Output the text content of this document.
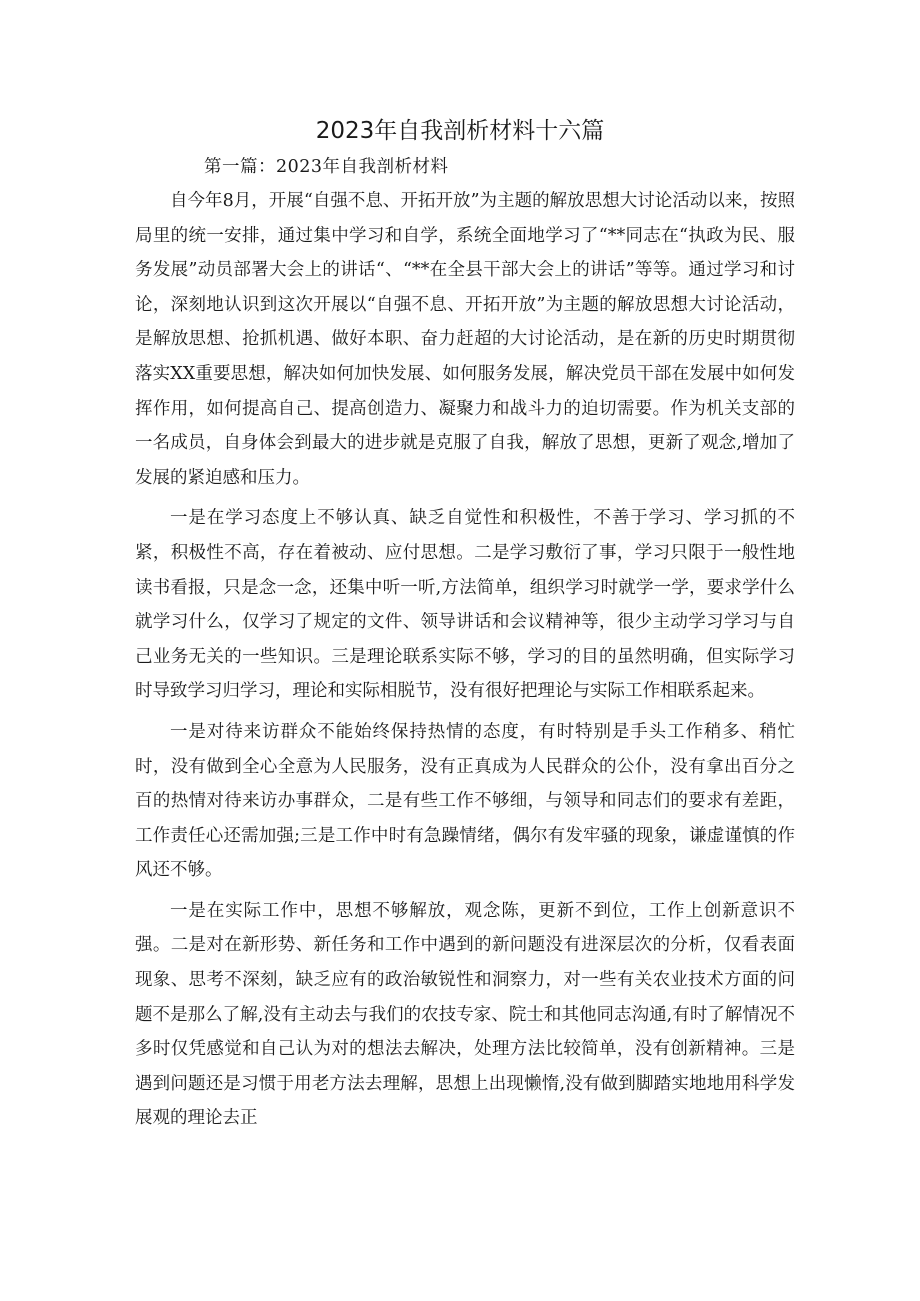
2023年自我剖析材料十六篇

第一篇：2023年自我剖析材料

自今年8月，开展“自强不息、开拓开放”为主题的解放思想大讨论活动以来，按照局里的统一安排，通过集中学习和自学，系统全面地学习了“**同志在“执政为民、服务发展”动员部署大会上的讲话“、“**在全县干部大会上的讲话”等等。通过学习和讨论，深刻地认识到这次开展以“自强不息、开拓开放”为主题的解放思想大讨论活动，是解放思想、抢抓机遇、做好本职、奋力赶超的大讨论活动，是在新的历史时期贯彻落实XX重要思想，解决如何加快发展、如何服务发展，解决党员干部在发展中如何发挥作用，如何提高自己、提高创造力、凝聚力和战斗力的迫切需要。作为机关支部的一名成员，自身体会到最大的进步就是克服了自我，解放了思想，更新了观念,增加了发展的紧迫感和压力。

一是在学习态度上不够认真、缺乏自觉性和积极性，不善于学习、学习抓的不紧，积极性不高，存在着被动、应付思想。二是学习敷衍了事，学习只限于一般性地读书看报，只是念一念，还集中听一听,方法简单，组织学习时就学一学，要求学什么就学习什么，仅学习了规定的文件、领导讲话和会议精神等，很少主动学习学习与自己业务无关的一些知识。三是理论联系实际不够，学习的目的虽然明确，但实际学习时导致学习归学习，理论和实际相脱节，没有很好把理论与实际工作相联系起来。

一是对待来访群众不能始终保持热情的态度，有时特别是手头工作稍多、稍忙时，没有做到全心全意为人民服务，没有正真成为人民群众的公仆，没有拿出百分之百的热情对待来访办事群众，二是有些工作不够细，与领导和同志们的要求有差距，工作责任心还需加强;三是工作中时有急躁情绪，偶尔有发牢骚的现象，谦虚谨慎的作风还不够。

一是在实际工作中，思想不够解放，观念陈，更新不到位，工作上创新意识不强。二是对在新形势、新任务和工作中遇到的新问题没有进深层次的分析，仅看表面现象、思考不深刻，缺乏应有的政治敏锐性和洞察力，对一些有关农业技术方面的问题不是那么了解,没有主动去与我们的农技专家、院士和其他同志沟通,有时了解情况不多时仅凭感觉和自己认为对的想法去解决，处理方法比较简单，没有创新精神。三是遇到问题还是习惯于用老方法去理解，思想上出现懒惰,没有做到脚踏实地地用科学发展观的理论去正
